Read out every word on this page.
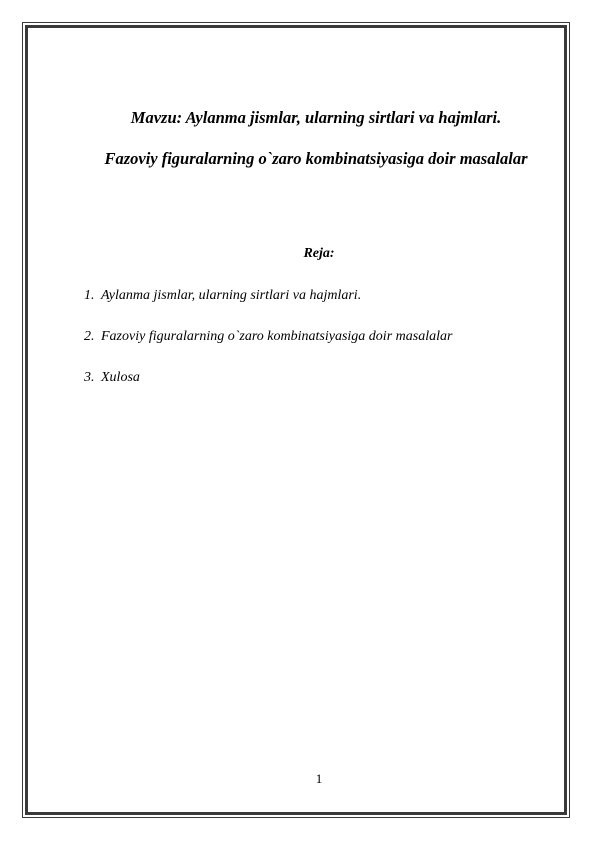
Mavzu: Aylanma jismlar, ularning sirtlari va hajmlari.
Fazoviy figuralarning o`zaro kombinatsiyasiga doir masalalar
Reja:
1. Aylanma jismlar, ularning sirtlari va hajmlari.
2. Fazoviy figuralarning o`zaro kombinatsiyasiga doir masalalar
3. Xulosa
1
